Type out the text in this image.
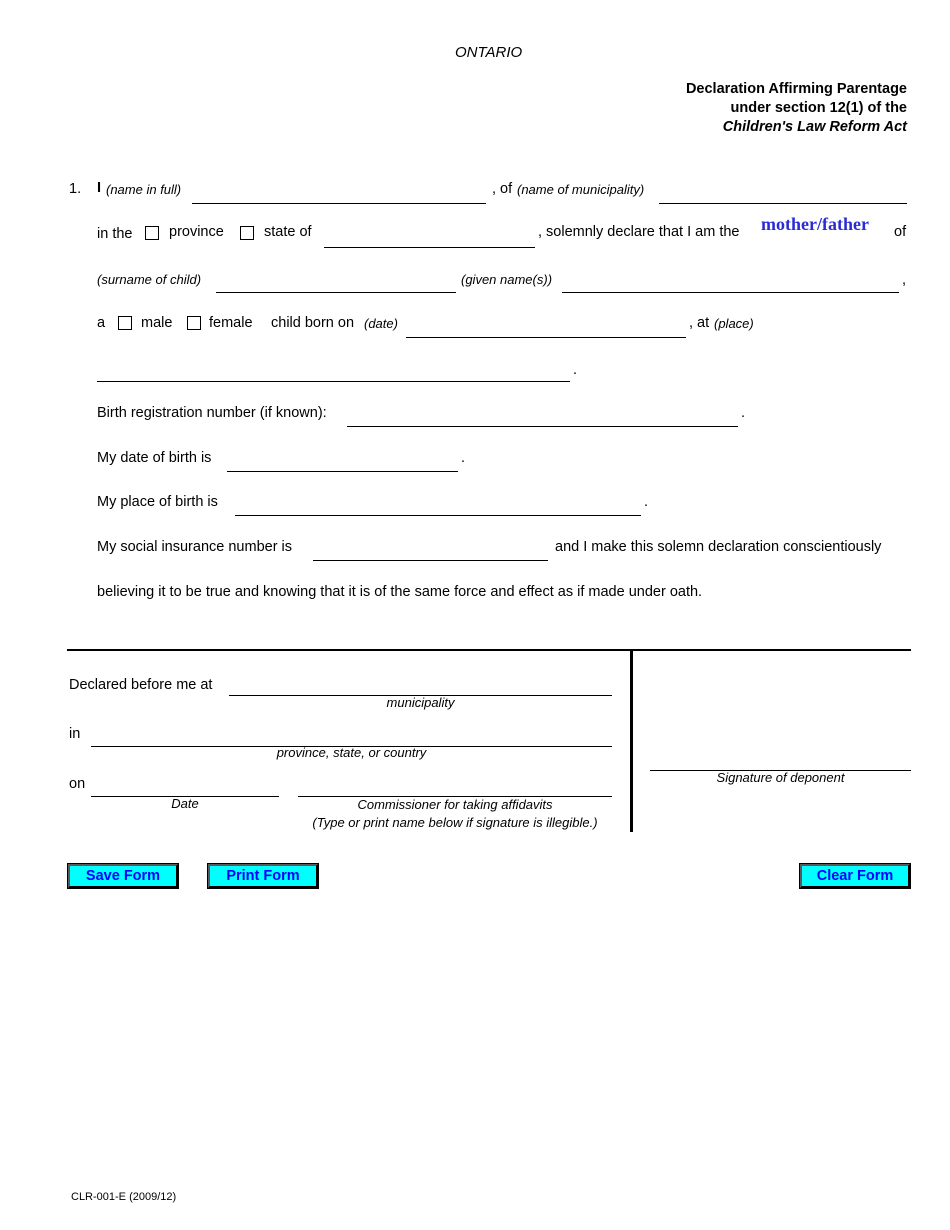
ONTARIO
Declaration Affirming Parentage
under section 12(1) of the
Children's Law Reform Act
1. I (name in full)	, of (name of municipality)
in the	province	state of	, solemnly declare that I am the mother/father of
(surname of child)	(given name(s))	,
a male	female child born on (date)	, at (place)
.
Birth registration number (if known):	.
My date of birth is	.
My place of birth is	.
My social insurance number is	and I make this solemn declaration conscientiously
believing it to be true and knowing that it is of the same force and effect as if made under oath.
Declared before me at
municipality
in
province, state, or country
on
Date	Commissioner for taking affidavits
(Type or print name below if signature is illegible.)
Signature of deponent
Save Form	Print Form	Clear Form
CLR-001-E (2009/12)
